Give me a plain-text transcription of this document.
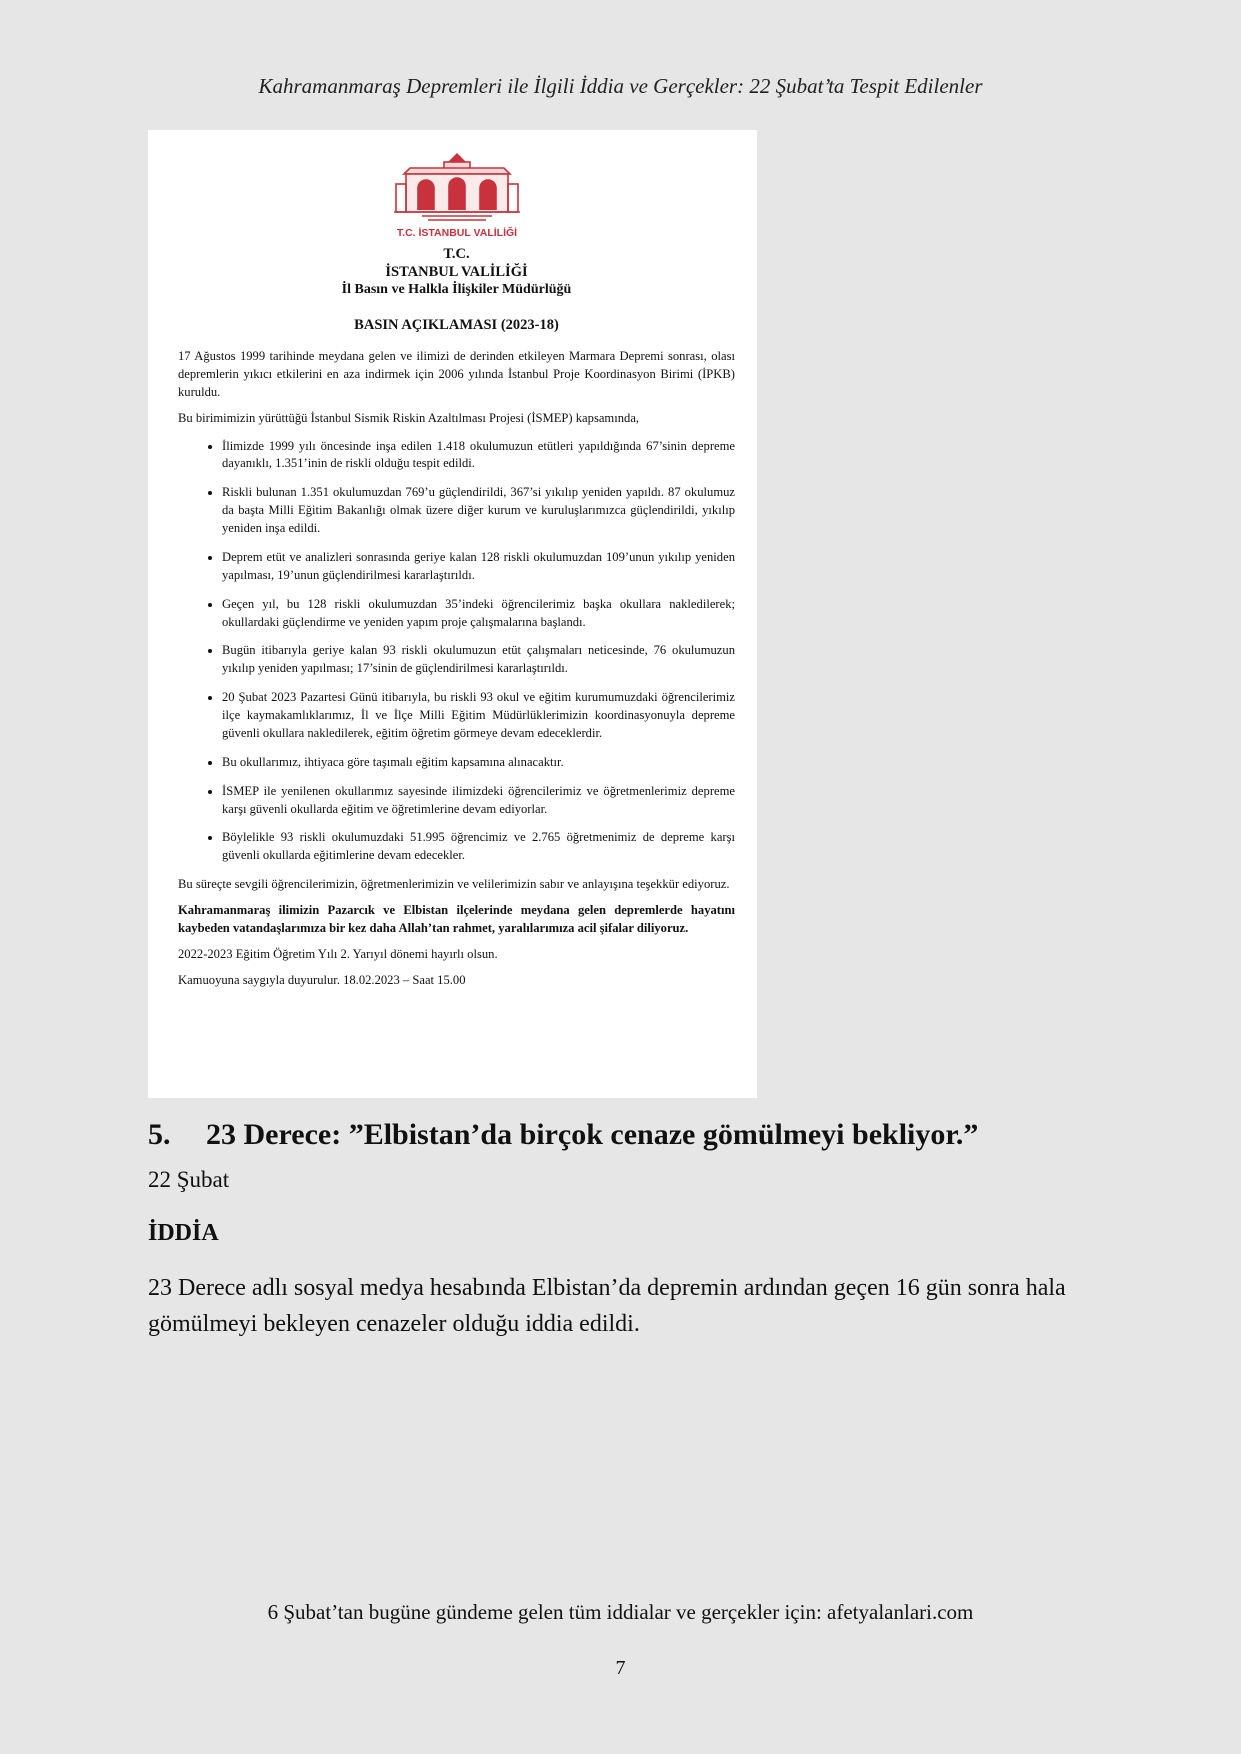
Kahramanmaraş Depremleri ile İlgili İddia ve Gerçekler: 22 Şubat’ta Tespit Edilenler
T.C. İSTANBUL VALİLİĞİ
T.C.
İSTANBUL VALİLİĞİ
İl Basın ve Halkla İlişkiler Müdürlüğü
BASIN AÇIKLAMASI (2023-18)

17 Ağustos 1999 tarihinde meydana gelen ve ilimizi de derinden etkileyen Marmara Depremi sonrası, olası depremlerin yıkıcı etkilerini en aza indirmek için 2006 yılında İstanbul Proje Koordinasyon Birimi (İPKB) kuruldu.

Bu birimimizin yürüttüğü İstanbul Sismik Riskin Azaltılması Projesi (İSMEP) kapsamında,

• İlimizde 1999 yılı öncesinde inşa edilen 1.418 okulumuzun etütleri yapıldığında 67’sinin depreme dayanıklı, 1.351’inin de riskli olduğu tespit edildi.
• Riskli bulunan 1.351 okulumuzdan 769’u güçlendirildi, 367’si yıkılıp yeniden yapıldı. 87 okulumuz da başta Milli Eğitim Bakanlığı olmak üzere diğer kurum ve kuruluşlarımızca güçlendirildi, yıkılıp yeniden inşa edildi.
• Deprem etüt ve analizleri sonrasında geriye kalan 128 riskli okulumuzdan 109’unun yıkılıp yeniden yapılması, 19’unun güçlendirilmesi kararlaştırıldı.
• Geçen yıl, bu 128 riskli okulumuzdan 35’indeki öğrencilerimiz başka okullara nakledilerek; okullardaki güçlendirme ve yeniden yapım proje çalışmalarına başlandı.
• Bugün itibarıyla geriye kalan 93 riskli okulumuzun etüt çalışmaları neticesinde, 76 okulumuzun yıkılıp yeniden yapılması; 17’sinin de güçlendirilmesi kararlaştırıldı.
• 20 Şubat 2023 Pazartesi Günü itibarıyla, bu riskli 93 okul ve eğitim kurumumuzdaki öğrencilerimiz ilçe kaymakamlıklarımız, İl ve İlçe Milli Eğitim Müdürlüklerimizin koordinasyonuyla depreme güvenli okullara nakledilerek, eğitim öğretim görmeye devam edeceklerdir.
• Bu okullarımız, ihtiyaca göre taşımalı eğitim kapsamına alınacaktır.
• İSMEP ile yenilenen okullarımız sayesinde ilimizdeki öğrencilerimiz ve öğretmenlerimiz depreme karşı güvenli okullarda eğitim ve öğretimlerine devam ediyorlar.
• Böylelikle 93 riskli okulumuzdaki 51.995 öğrencimiz ve 2.765 öğretmenimiz de depreme karşı güvenli okullarda eğitimlerine devam edecekler.

Bu süreçte sevgili öğrencilerimizin, öğretmenlerimizin ve velilerimizin sabır ve anlayışına teşekkür ediyoruz.

Kahramanmaraş ilimizin Pazarcık ve Elbistan ilçelerinde meydana gelen depremlerde hayatını kaybeden vatandaşlarımıza bir kez daha Allah’tan rahmet, yaralılarımıza acil şifalar diliyoruz.

2022-2023 Eğitim Öğretim Yılı 2. Yarıyıl dönemi hayırlı olsun.

Kamuoyuna saygıyla duyurulur. 18.02.2023 – Saat 15.00

5. 23 Derece: ”Elbistan’da birçok cenaze gömülmeyi bekliyor.”
22 Şubat
İDDİA

23 Derece adlı sosyal medya hesabında Elbistan’da depremin ardından geçen 16 gün sonra hala gömülmeyi bekleyen cenazeler olduğu iddia edildi.

6 Şubat’tan bugüne gündeme gelen tüm iddialar ve gerçekler için: afetyalanlari.com
7
